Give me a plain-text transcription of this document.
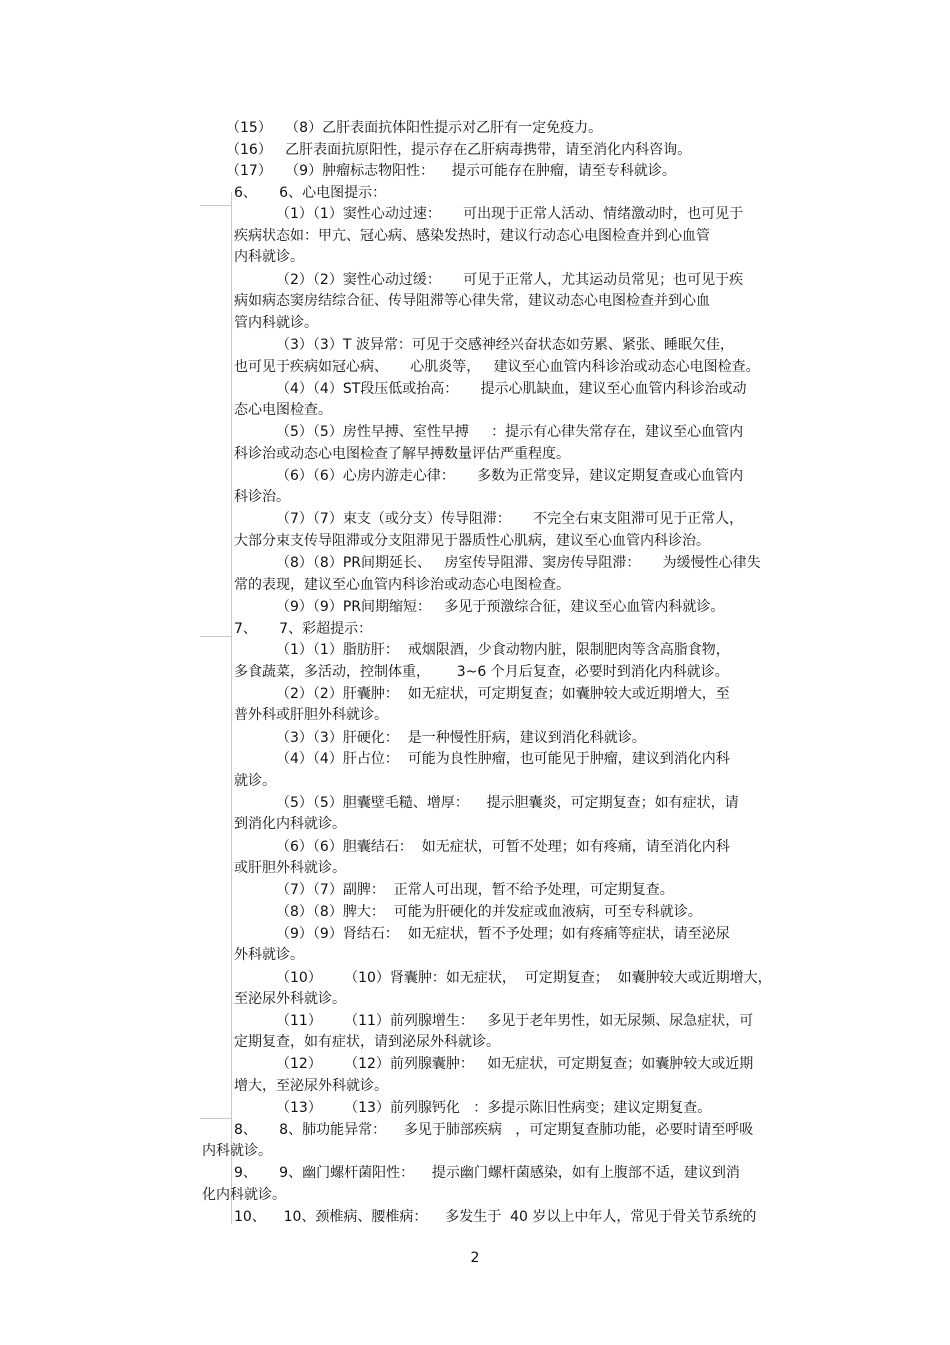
（15）   （8）乙肝表面抗体阳性提示对乙肝有一定免疫力。
（16）   乙肝表面抗原阳性，提示存在乙肝病毒携带，请至消化内科咨询。
（17）   （9）肿瘤标志物阳性：    提示可能存在肿瘤，请至专科就诊。
6、     6、心电图提示：
（1）（1）窦性心动过速：     可出现于正常人活动、情绪激动时，也可见于
疾病状态如：甲亢、冠心病、感染发热时，建议行动态心电图检查并到心血管
内科就诊。
（2）（2）窦性心动过缓：     可见于正常人，尤其运动员常见；也可见于疾
病如病态窦房结综合征、传导阻滞等心律失常，建议动态心电图检查并到心血
管内科就诊。
（3）（3）T 波异常：可见于交感神经兴奋状态如劳累、紧张、睡眠欠佳，
也可见于疾病如冠心病、     心肌炎等，   建议至心血管内科诊治或动态心电图检查。
（4）（4）ST段压低或抬高：     提示心肌缺血，建议至心血管内科诊治或动
态心电图检查。
（5）（5）房性早搏、室性早搏     ：提示有心律失常存在，建议至心血管内
科诊治或动态心电图检查了解早搏数量评估严重程度。
（6）（6）心房内游走心律：     多数为正常变异，建议定期复查或心血管内
科诊治。
（7）（7）束支（或分支）传导阻滞：     不完全右束支阻滞可见于正常人，
大部分束支传导阻滞或分支阻滞见于器质性心肌病，建议至心血管内科诊治。
（8）（8）PR间期延长、   房室传导阻滞、窦房传导阻滞：     为缓慢性心律失
常的表现，建议至心血管内科诊治或动态心电图检查。
（9）（9）PR间期缩短：   多见于预激综合征，建议至心血管内科就诊。
7、     7、彩超提示：
（1）（1）脂肪肝：  戒烟限酒，少食动物内脏，限制肥肉等含高脂食物，
多食蔬菜，多活动，控制体重，      3~6 个月后复查，必要时到消化内科就诊。
（2）（2）肝囊肿：  如无症状，可定期复查；如囊肿较大或近期增大，至
普外科或肝胆外科就诊。
（3）（3）肝硬化：  是一种慢性肝病，建议到消化科就诊。
（4）（4）肝占位：  可能为良性肿瘤，也可能见于肿瘤，建议到消化内科
就诊。
（5）（5）胆囊壁毛糙、增厚：    提示胆囊炎，可定期复查；如有症状，请
到消化内科就诊。
（6）（6）胆囊结石：  如无症状，可暂不处理；如有疼痛，请至消化内科
或肝胆外科就诊。
（7）（7）副脾：  正常人可出现，暂不给予处理，可定期复查。
（8）（8）脾大：  可能为肝硬化的并发症或血液病，可至专科就诊。
（9）（9）肾结石：  如无症状，暂不予处理；如有疼痛等症状，请至泌尿
外科就诊。
（10）     （10）肾囊肿：如无症状，  可定期复查；  如囊肿较大或近期增大，
至泌尿外科就诊。
（11）     （11）前列腺增生：   多见于老年男性，如无尿频、尿急症状，可
定期复查，如有症状，请到泌尿外科就诊。
（12）     （12）前列腺囊肿：   如无症状，可定期复查；如囊肿较大或近期
增大，至泌尿外科就诊。
（13）     （13）前列腺钙化   ：多提示陈旧性病变；建议定期复查。
8、     8、肺功能异常：    多见于肺部疾病   ，可定期复查肺功能，必要时请至呼吸
内科就诊。
9、     9、幽门螺杆菌阳性：    提示幽门螺杆菌感染，如有上腹部不适，建议到消
化内科就诊。
10、    10、颈椎病、腰椎病：    多发生于  40 岁以上中年人，常见于骨关节系统的
2
